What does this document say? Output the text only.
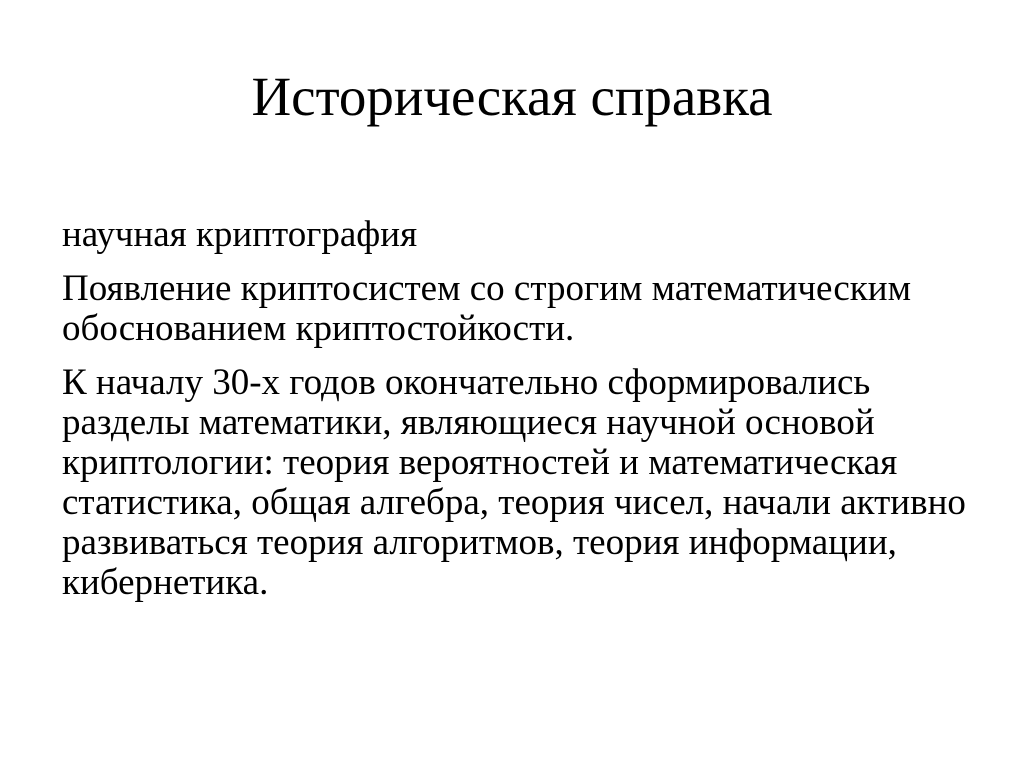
Историческая справка

научная криптография

Появление криптосистем со строгим математическим обоснованием криптостойкости.

К началу 30-х годов окончательно сформировались разделы математики, являющиеся научной основой криптологии: теория вероятностей и математическая статистика, общая алгебра, теория чисел, начали активно развиваться теория алгоритмов, теория информации, кибернетика.
